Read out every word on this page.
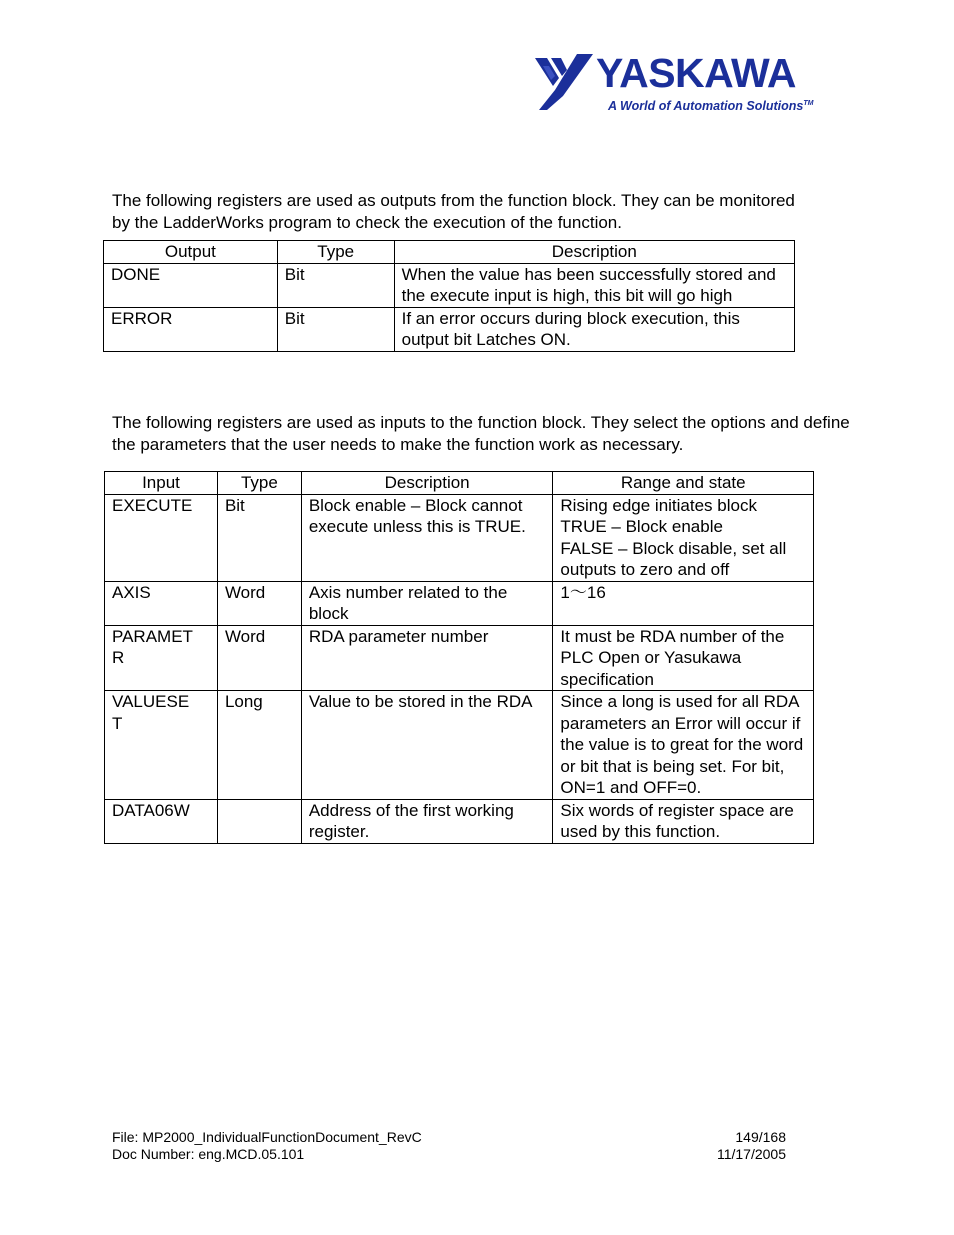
YASKAWA
A World of Automation Solutions™

The following registers are used as outputs from the function block. They can be monitored by the LadderWorks program to check the execution of the function.

Output	Type	Description
DONE	Bit	When the value has been successfully stored and the execute input is high, this bit will go high
ERROR	Bit	If an error occurs during block execution, this output bit Latches ON.

The following registers are used as inputs to the function block. They select the options and define the parameters that the user needs to make the function work as necessary.

Input	Type	Description	Range and state
EXECUTE	Bit	Block enable – Block cannot execute unless this is TRUE.	Rising edge initiates block
TRUE – Block enable
FALSE – Block disable, set all outputs to zero and off
AXIS	Word	Axis number related to the block	1～16
PARAMET
R	Word	RDA parameter number	It must be RDA number of the PLC Open or Yasukawa specification
VALUESE
T	Long	Value to be stored in the RDA	Since a long is used for all RDA parameters an Error will occur if the value is to great for the word or bit that is being set. For bit, ON=1 and OFF=0.
DATA06W		Address of the first working register.	Six words of register space are used by this function.
File: MP2000_IndividualFunctionDocument_RevC
Doc Number: eng.MCD.05.101
149/168
11/17/2005
